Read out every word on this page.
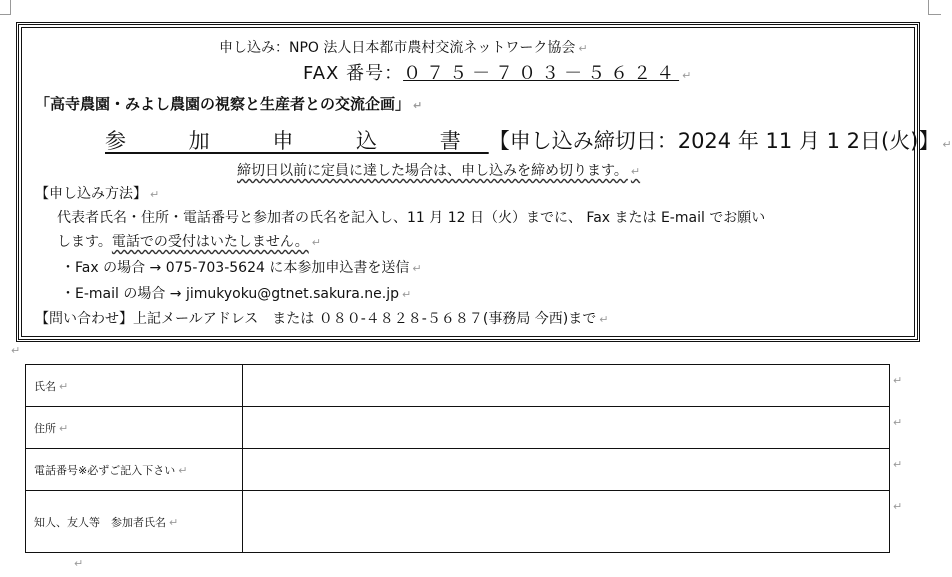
申し込み：NPO 法人日本都市農村交流ネットワーク協会 ↵
FAX 番号：０７５－７０３－５６２４ ↵
「高寺農園・みよし農園の視察と生産者との交流企画」 ↵
参 加 申 込 書【申し込み締切日：2024 年 11 月 1 2日(火)】 ↵
締切日以前に定員に達した場合は、申し込みを締め切ります。 ↵
【申し込み方法】 ↵
代表者氏名・住所・電話番号と参加者の氏名を記入し、11 月 12 日（火）までに、 Fax または E-mail でお願い
します。電話での受付はいたしません。 ↵
・Fax の場合 → 075-703-5624 に本参加申込書を送信 ↵
・E-mail の場合 → jimukyoku@gtnet.sakura.ne.jp ↵
【問い合わせ】上記メールアドレス　または ０８０-４８２８-５６８７(事務局 今西)まで ↵
↵
氏名 ↵	
住所 ↵	
電話番号※必ずご記入下さい ↵	
知人、友人等　参加者氏名 ↵	
↵
↵
↵
↵
↵
